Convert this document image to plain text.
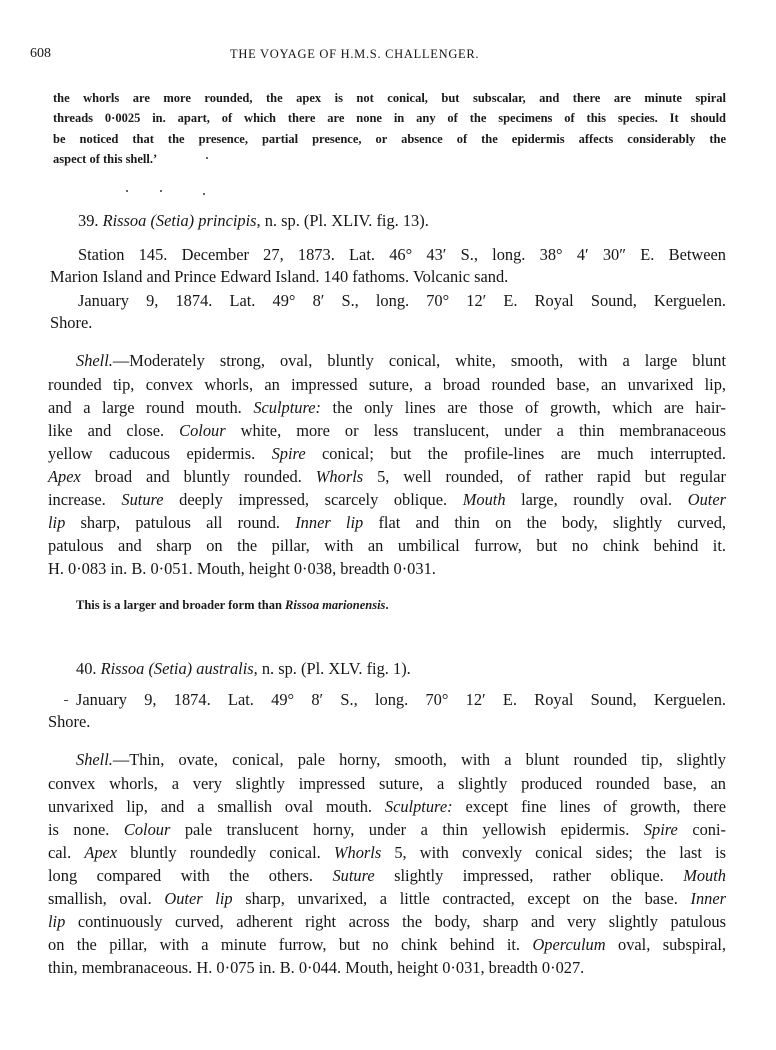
608	THE VOYAGE OF H.M.S. CHALLENGER.
the whorls are more rounded, the apex is not conical, but subscalar, and there are minute spiral
threads 0·0025 in. apart, of which there are none in any of the specimens of this species. It should
be noticed that the presence, partial presence, or absence of the epidermis affects considerably the
aspect of this shell.’
39. Rissoa (Setia) principis, n. sp. (Pl. XLIV. fig. 13).
Station 145. December 27, 1873. Lat. 46° 43′ S., long. 38° 4′ 30″ E. Between
Marion Island and Prince Edward Island. 140 fathoms. Volcanic sand.
January 9, 1874. Lat. 49° 8′ S., long. 70° 12′ E. Royal Sound, Kerguelen.
Shore.
Shell.—Moderately strong, oval, bluntly conical, white, smooth, with a large blunt
rounded tip, convex whorls, an impressed suture, a broad rounded base, an unvarixed lip,
and a large round mouth. Sculpture: the only lines are those of growth, which are hair-
like and close. Colour white, more or less translucent, under a thin membranaceous
yellow caducous epidermis. Spire conical; but the profile-lines are much interrupted.
Apex broad and bluntly rounded. Whorls 5, well rounded, of rather rapid but regular
increase. Suture deeply impressed, scarcely oblique. Mouth large, roundly oval. Outer
lip sharp, patulous all round. Inner lip flat and thin on the body, slightly curved,
patulous and sharp on the pillar, with an umbilical furrow, but no chink behind it.
H. 0·083 in. B. 0·051. Mouth, height 0·038, breadth 0·031.
This is a larger and broader form than Rissoa marionensis.
40. Rissoa (Setia) australis, n. sp. (Pl. XLV. fig. 1).
January 9, 1874. Lat. 49° 8′ S., long. 70° 12′ E. Royal Sound, Kerguelen.
Shore.
Shell.—Thin, ovate, conical, pale horny, smooth, with a blunt rounded tip, slightly
convex whorls, a very slightly impressed suture, a slightly produced rounded base, an
unvarixed lip, and a smallish oval mouth. Sculpture: except fine lines of growth, there
is none. Colour pale translucent horny, under a thin yellowish epidermis. Spire coni-
cal. Apex bluntly roundedly conical. Whorls 5, with convexly conical sides; the last is
long compared with the others. Suture slightly impressed, rather oblique. Mouth
smallish, oval. Outer lip sharp, unvarixed, a little contracted, except on the base. Inner
lip continuously curved, adherent right across the body, sharp and very slightly patulous
on the pillar, with a minute furrow, but no chink behind it. Operculum oval, subspiral,
thin, membranaceous. H. 0·075 in. B. 0·044. Mouth, height 0·031, breadth 0·027.
